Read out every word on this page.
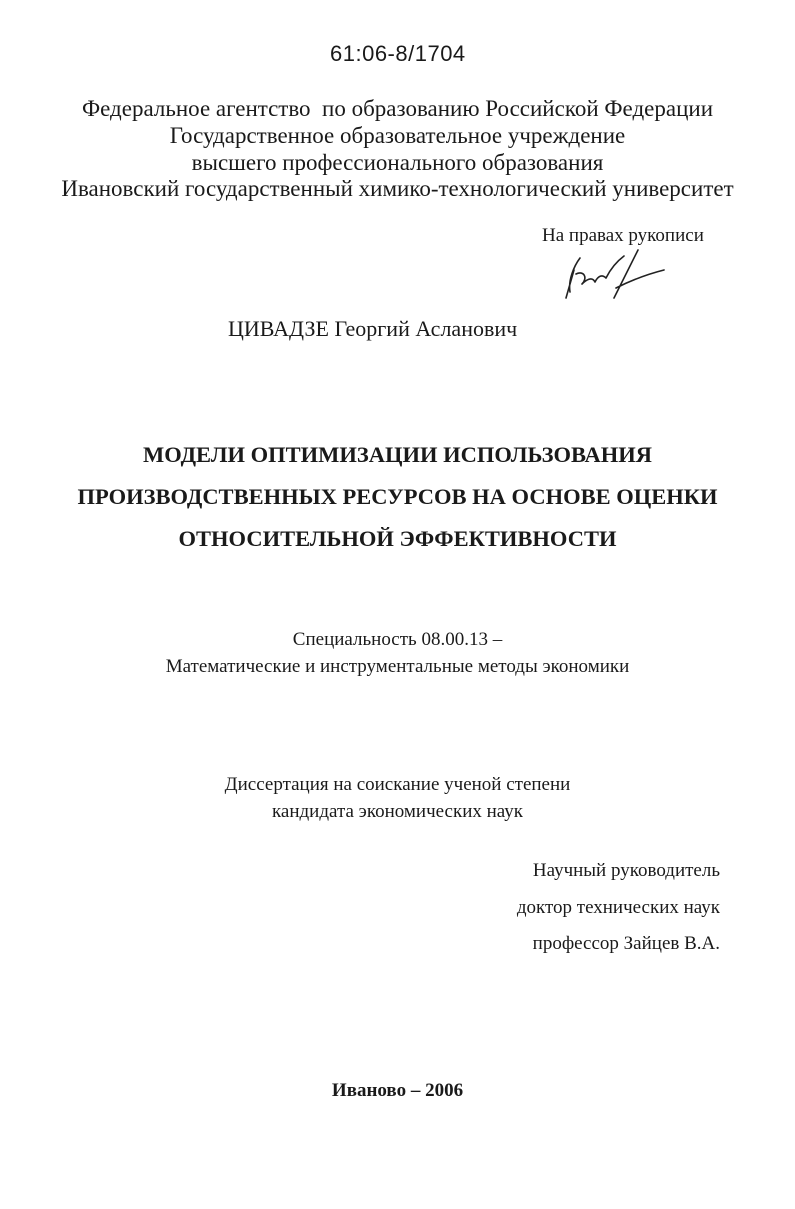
61:06-8/1704
Федеральное агентство  по образованию Российской Федерации
Государственное образовательное учреждение
высшего профессионального образования
Ивановский государственный химико-технологический университет
На правах рукописи
ЦИВАДЗЕ Георгий Асланович
МОДЕЛИ ОПТИМИЗАЦИИ ИСПОЛЬЗОВАНИЯ
ПРОИЗВОДСТВЕННЫХ РЕСУРСОВ НА ОСНОВЕ ОЦЕНКИ
ОТНОСИТЕЛЬНОЙ ЭФФЕКТИВНОСТИ
Специальность 08.00.13 –
Математические и инструментальные методы экономики
Диссертация на соискание ученой степени
кандидата экономических наук
Научный руководитель
доктор технических наук
профессор Зайцев В.А.
Иваново – 2006
